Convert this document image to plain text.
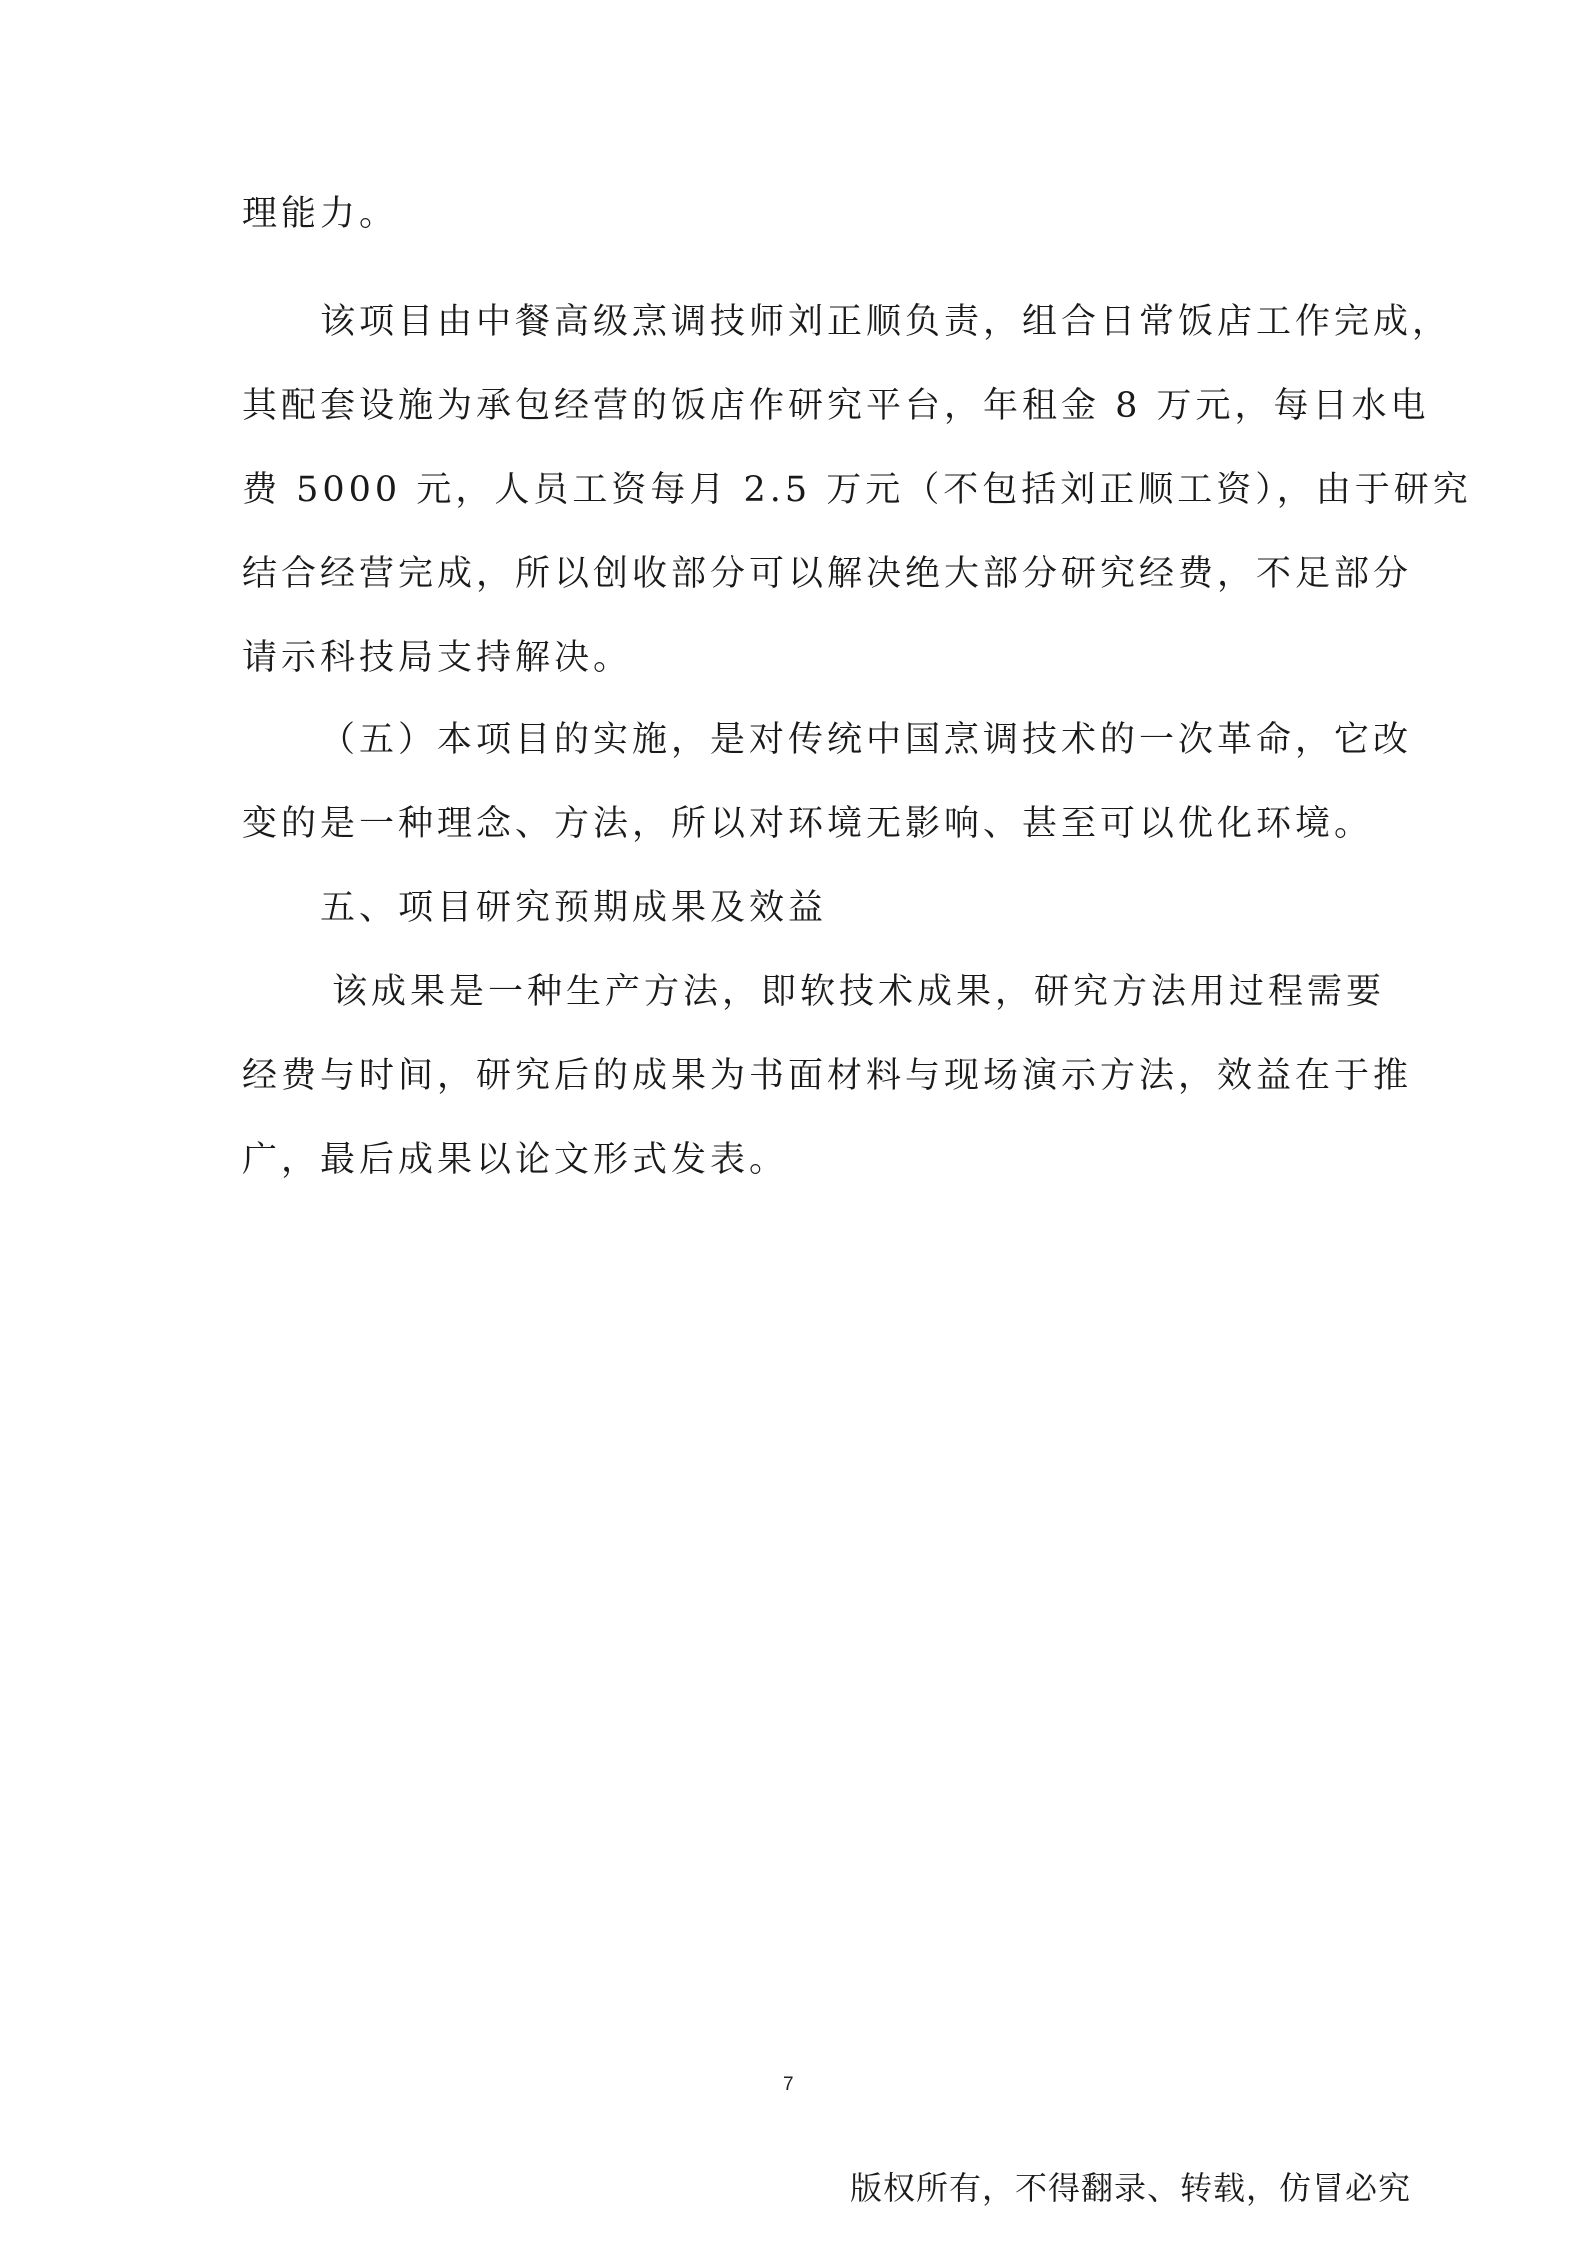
理能力。

该项目由中餐高级烹调技师刘正顺负责，组合日常饭店工作完成，

其配套设施为承包经营的饭店作研究平台，年租金 8 万元，每日水电

费 5000 元，人员工资每月 2.5 万元（不包括刘正顺工资），由于研究

结合经营完成，所以创收部分可以解决绝大部分研究经费，不足部分

请示科技局支持解决。

（五）本项目的实施，是对传统中国烹调技术的一次革命，它改

变的是一种理念、方法，所以对环境无影响、甚至可以优化环境。

五、项目研究预期成果及效益

该成果是一种生产方法，即软技术成果，研究方法用过程需要

经费与时间，研究后的成果为书面材料与现场演示方法，效益在于推

广，最后成果以论文形式发表。

7
版权所有，不得翻录、转载，仿冒必究
